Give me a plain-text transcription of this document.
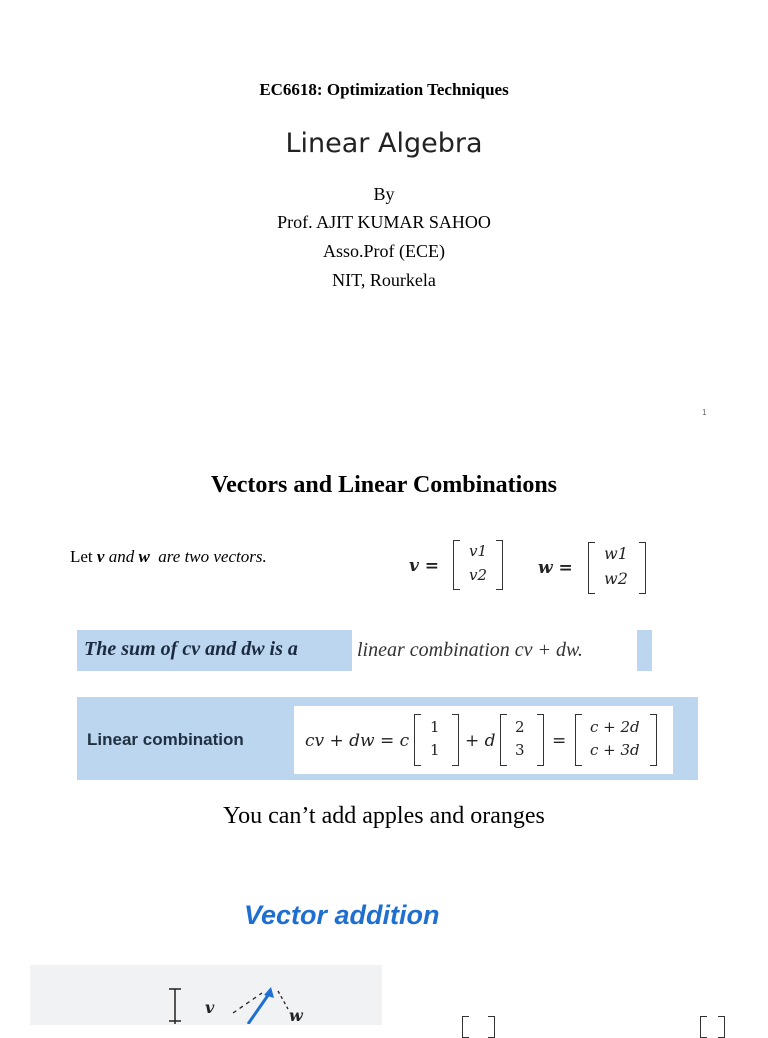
EC6618: Optimization Techniques
Linear Algebra
By
Prof. AJIT KUMAR SAHOO
Asso.Prof (ECE)
NIT, Rourkela
1
Vectors and Linear Combinations
Let v and w are two vectors.	v =
v1
v2	w =
w1
w2
The sum of cv and dw is a	linear combination cv + dw.
Linear combination	cv + dw = c
1
1 + d
2
3 =
c + 2d
c + 3d
You can’t add apples and oranges
Vector addition
v	w
